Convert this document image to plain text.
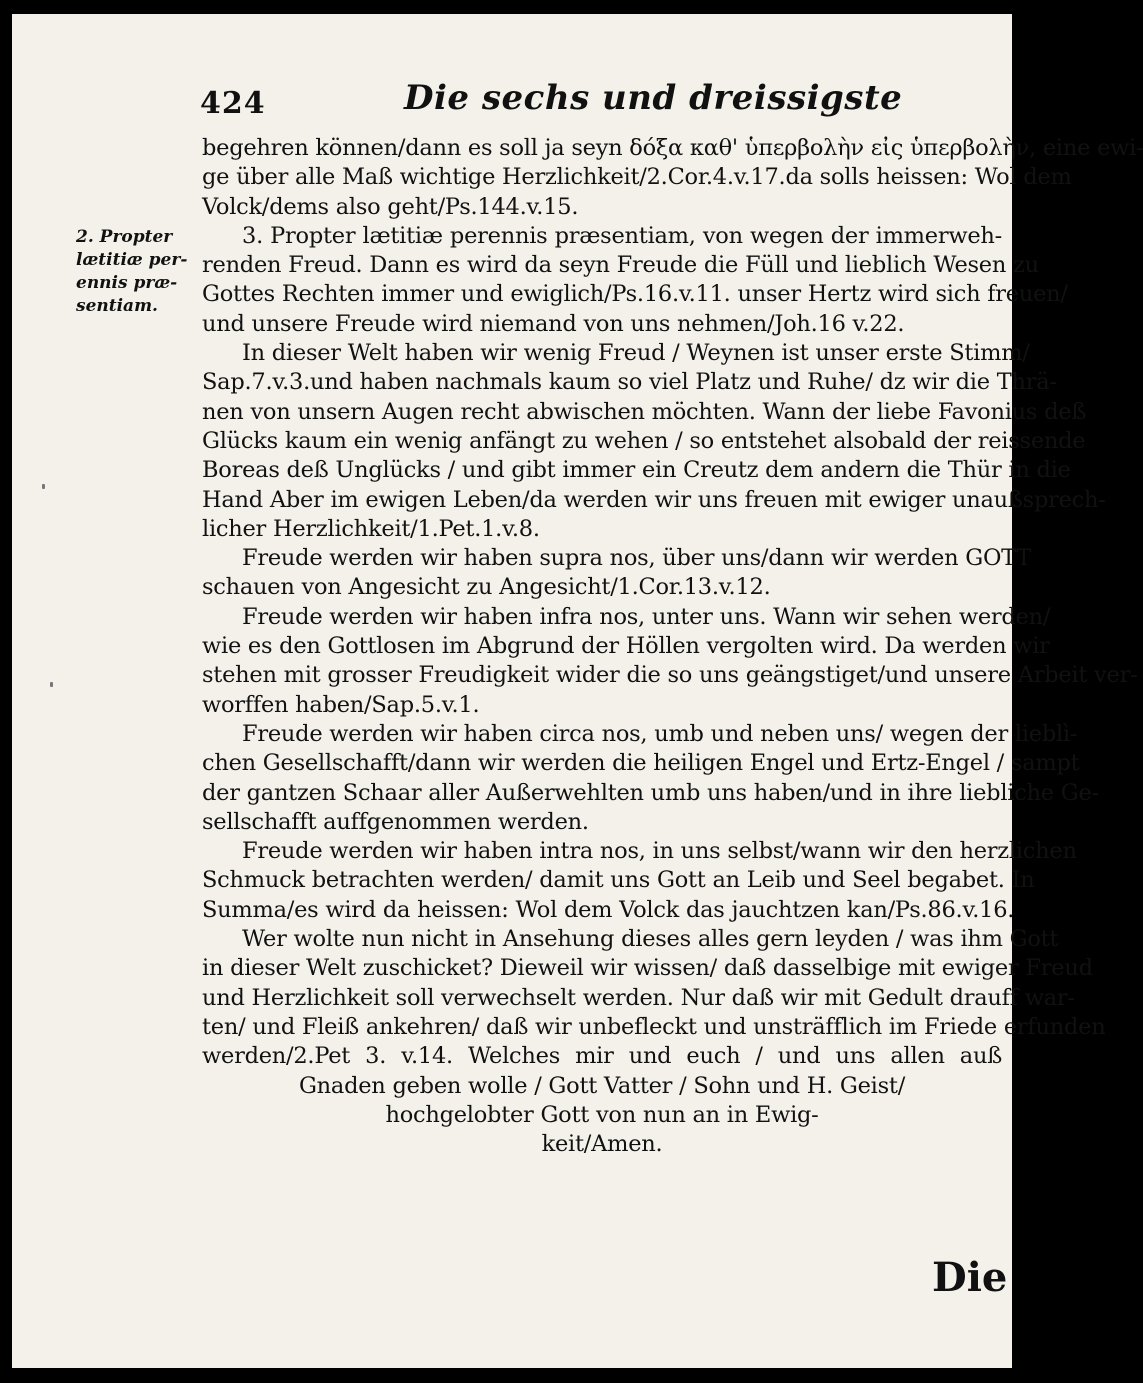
424	Die sechs und dreissigste
2. Propter
lætitiæ per-
ennis præ-
sentiam.
begehren können/dann es soll ja seyn δόξα καθ' ὑπερβολὴν εἰς ὑπερβολὴν, eine ewi-
ge über alle Maß wichtige Herzlichkeit/2.Cor.4.v.17.da solls heissen: Wol dem
Volck/dems also geht/Ps.144.v.15.
3. Propter lætitiæ perennis præsentiam, von wegen der immerweh-
renden Freud. Dann es wird da seyn Freude die Füll und lieblich Wesen zu
Gottes Rechten immer und ewiglich/Ps.16.v.11. unser Hertz wird sich freuen/
und unsere Freude wird niemand von uns nehmen/Joh.16 v.22.
In dieser Welt haben wir wenig Freud / Weynen ist unser erste Stimm/
Sap.7.v.3.und haben nachmals kaum so viel Platz und Ruhe/ dz wir die Thrä-
nen von unsern Augen recht abwischen möchten. Wann der liebe Favonius deß
Glücks kaum ein wenig anfängt zu wehen / so entstehet alsobald der reissende
Boreas deß Unglücks / und gibt immer ein Creutz dem andern die Thür in die
Hand Aber im ewigen Leben/da werden wir uns freuen mit ewiger unaußsprech-
licher Herzlichkeit/1.Pet.1.v.8.
Freude werden wir haben supra nos, über uns/dann wir werden GOTT
schauen von Angesicht zu Angesicht/1.Cor.13.v.12.
Freude werden wir haben infra nos, unter uns. Wann wir sehen werden/
wie es den Gottlosen im Abgrund der Höllen vergolten wird. Da werden wir
stehen mit grosser Freudigkeit wider die so uns geängstiget/und unsere Arbeit ver-
worffen haben/Sap.5.v.1.
Freude werden wir haben circa nos, umb und neben uns/ wegen der lieblì-
chen Gesellschafft/dann wir werden die heiligen Engel und Ertz-Engel / sampt
der gantzen Schaar aller Außerwehlten umb uns haben/und in ihre liebliche Ge-
sellschafft auffgenommen werden.
Freude werden wir haben intra nos, in uns selbst/wann wir den herzlichen
Schmuck betrachten werden/ damit uns Gott an Leib und Seel begabet. In
Summa/es wird da heissen: Wol dem Volck das jauchtzen kan/Ps.86.v.16.
Wer wolte nun nicht in Ansehung dieses alles gern leyden / was ihm Gott
in dieser Welt zuschicket? Dieweil wir wissen/ daß dasselbige mit ewiger Freud
und Herzlichkeit soll verwechselt werden. Nur daß wir mit Gedult drauff war-
ten/ und Fleiß ankehren/ daß wir unbefleckt und unsträfflich im Friede erfunden
werden/2.Pet 3. v.14. Welches mir und euch / und uns allen auß
Gnaden geben wolle / Gott Vatter / Sohn und H. Geist/
hochgelobter Gott von nun an in Ewig-
keit/Amen.
Die
